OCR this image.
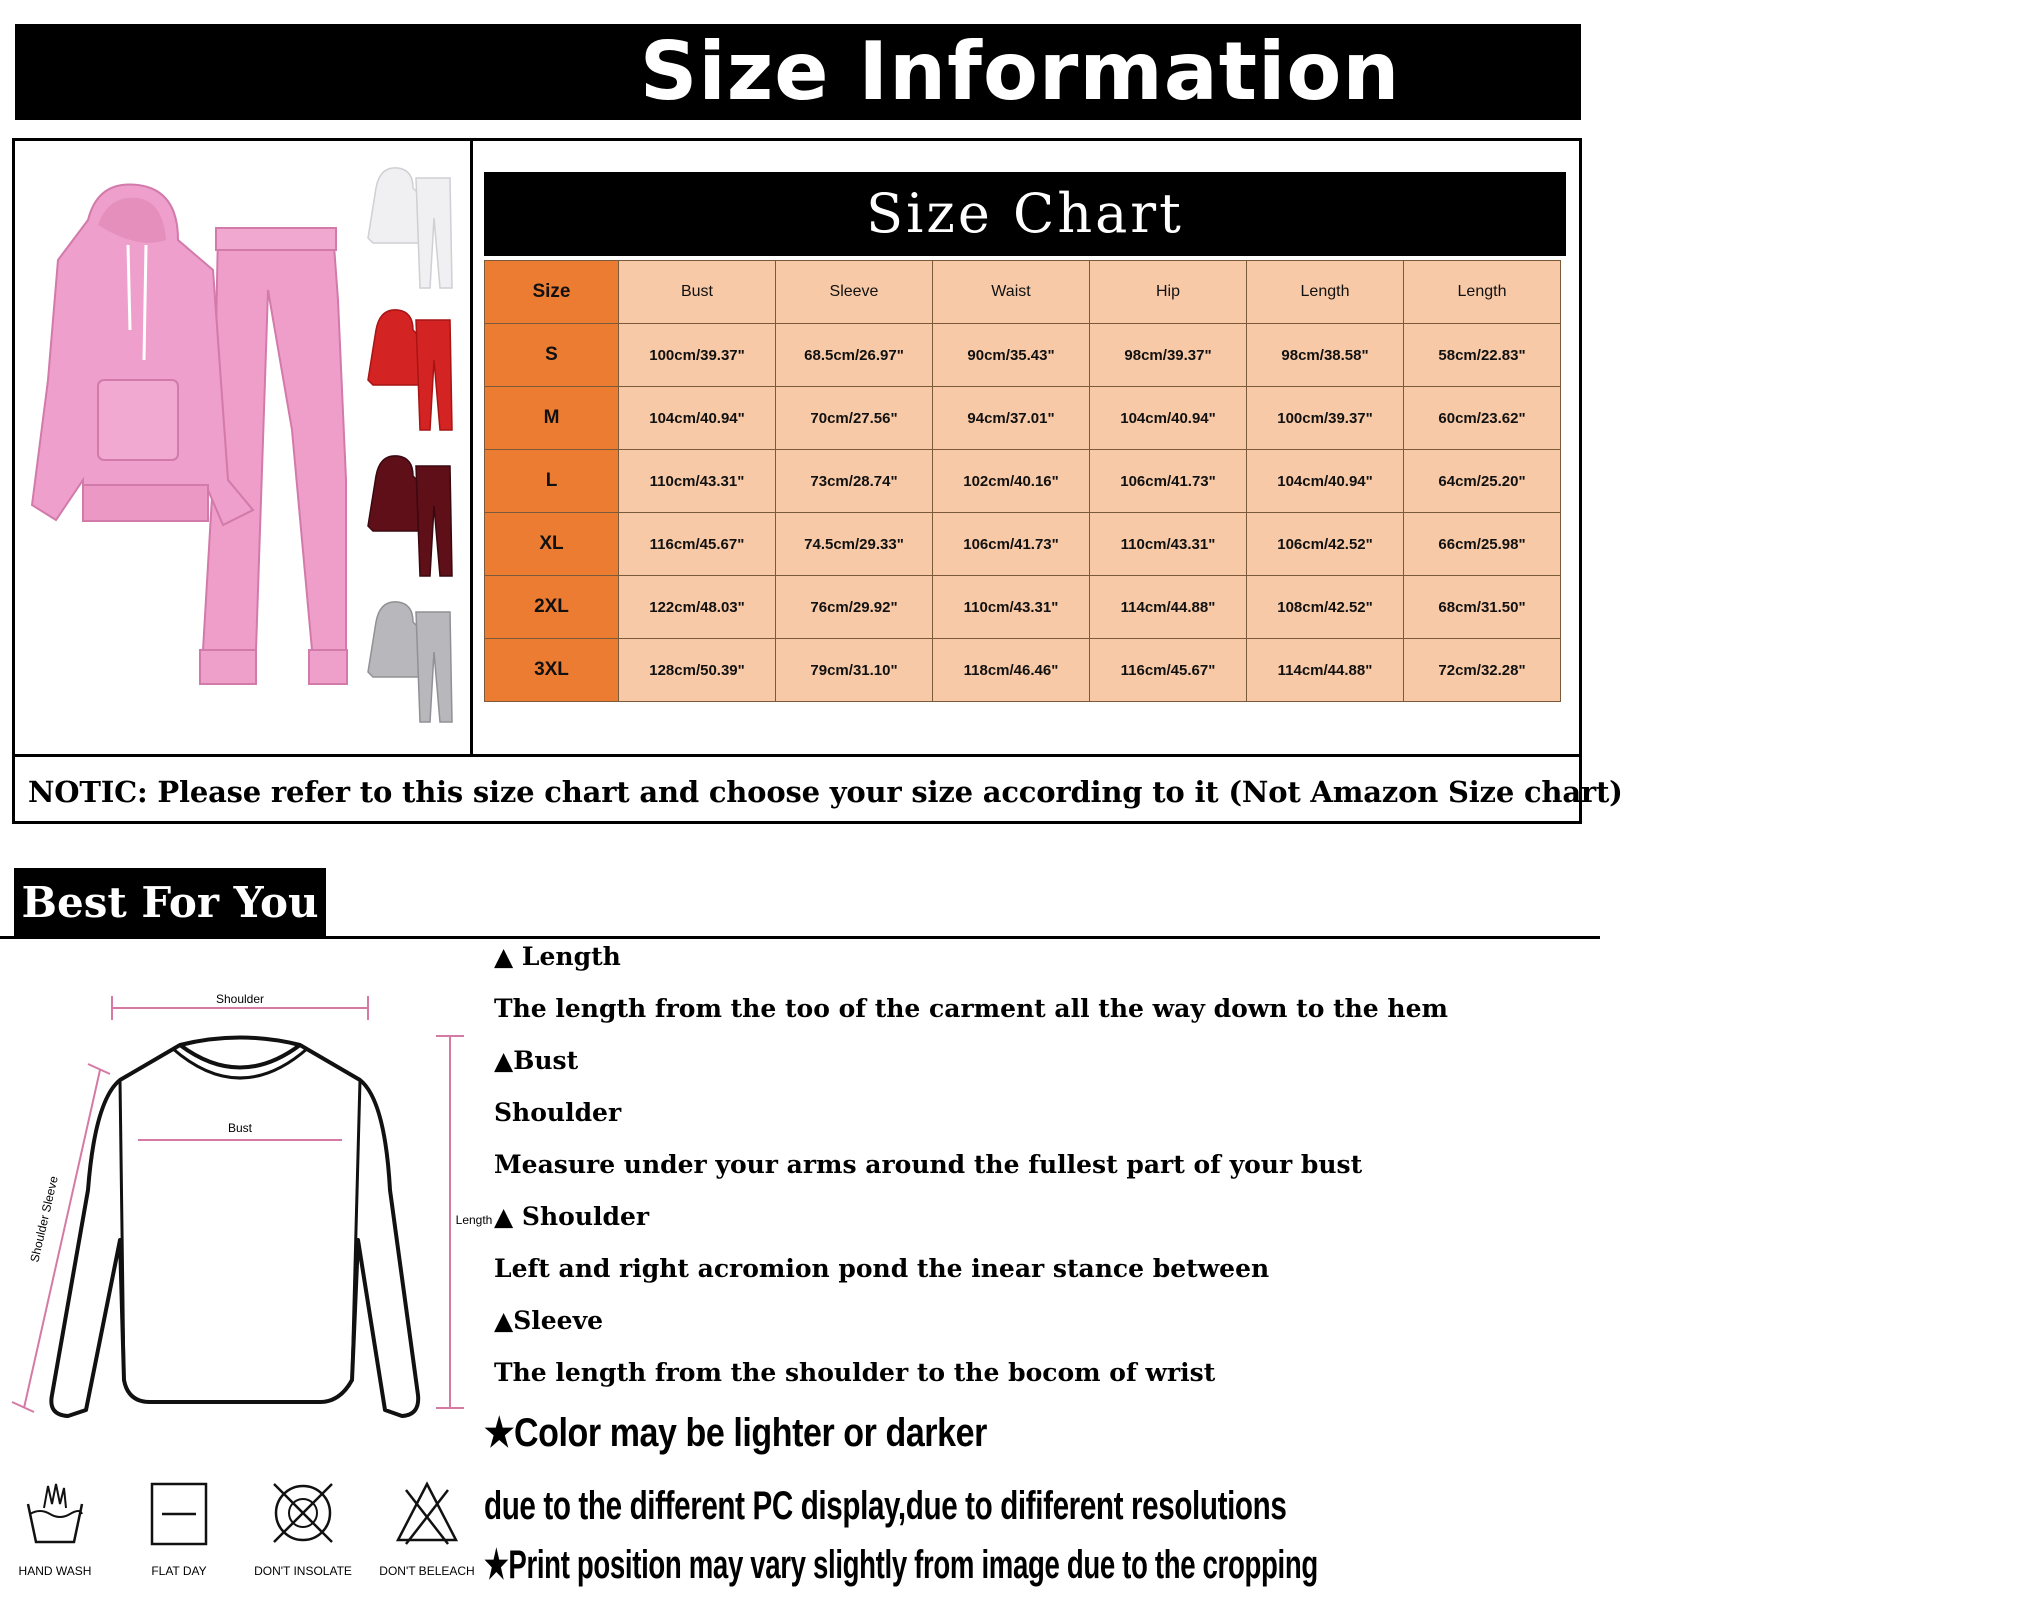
Size Information
Size Chart
Size	Bust	Sleeve	Waist	Hip	Length	Length
S	100cm/39.37"	68.5cm/26.97"	90cm/35.43"	98cm/39.37"	98cm/38.58"	58cm/22.83"
M	104cm/40.94"	70cm/27.56"	94cm/37.01"	104cm/40.94"	100cm/39.37"	60cm/23.62"
L	110cm/43.31"	73cm/28.74"	102cm/40.16"	106cm/41.73"	104cm/40.94"	64cm/25.20"
XL	116cm/45.67"	74.5cm/29.33"	106cm/41.73"	110cm/43.31"	106cm/42.52"	66cm/25.98"
2XL	122cm/48.03"	76cm/29.92"	110cm/43.31"	114cm/44.88"	108cm/42.52"	68cm/31.50"
3XL	128cm/50.39"	79cm/31.10"	118cm/46.46"	116cm/45.67"	114cm/44.88"	72cm/32.28"
NOTIC: Please refer to this size chart and choose your size according to it (Not Amazon Size chart)
Best For You
Shoulder
Bust
Length
Shoulder Sleeve
HAND WASH	FLAT DAY	DON'T INSOLATE	DON'T BELEACH
▲ Length
The length from the too of the carment all the way down to the hem
▲Bust
Shoulder
Measure under your arms around the fullest part of your bust
▲ Shoulder
Left and right acromion pond the inear stance between
▲Sleeve
The length from the shoulder to the bocom of wrist
★Color may be lighter or darker
due to the different PC display,due to dififerent resolutions
★Print position may vary slightly from image due to the cropping
